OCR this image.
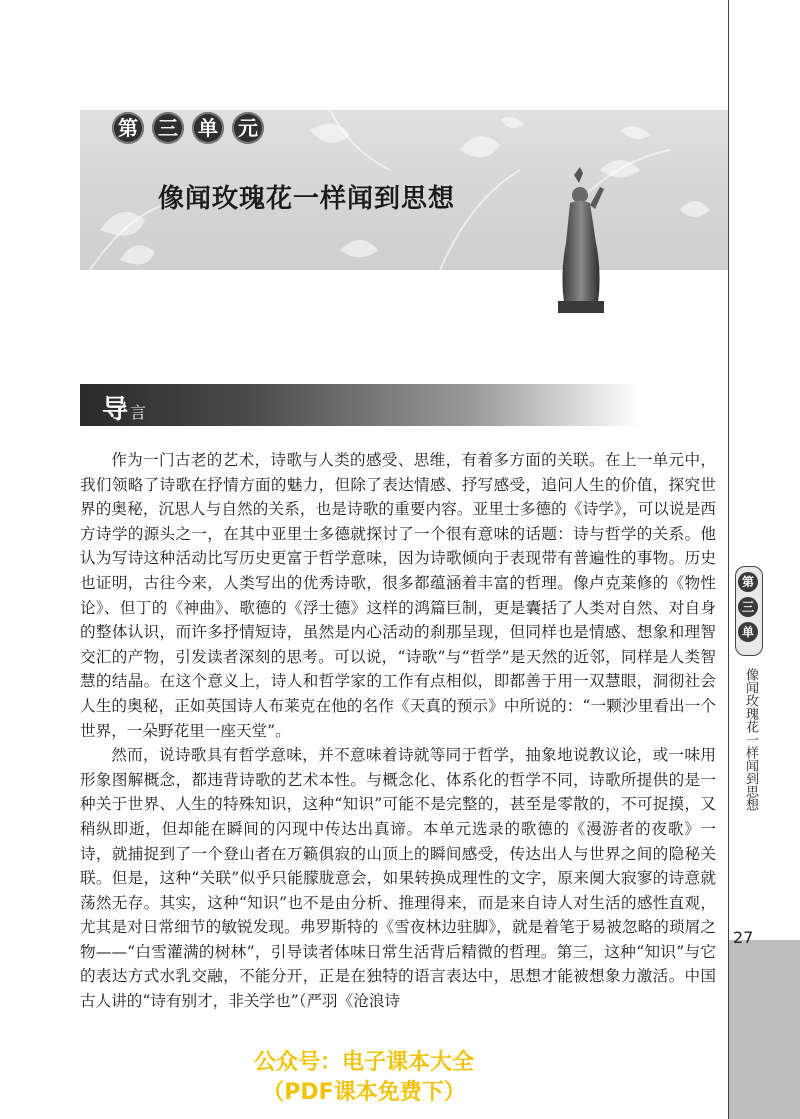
第
三
单
像闻玫瑰花一样闻到思想
27
第	三	单	元
像闻玫瑰花一样闻到思想
导言

作为一门古老的艺术，诗歌与人类的感受、思维，有着多方面的关联。在上一单元中，我们领略了诗歌在抒情方面的魅力，但除了表达情感、抒写感受，追问人生的价值，探究世界的奥秘，沉思人与自然的关系，也是诗歌的重要内容。亚里士多德的《诗学》，可以说是西方诗学的源头之一，在其中亚里士多德就探讨了一个很有意味的话题：诗与哲学的关系。他认为写诗这种活动比写历史更富于哲学意味，因为诗歌倾向于表现带有普遍性的事物。历史也证明，古往今来，人类写出的优秀诗歌，很多都蕴涵着丰富的哲理。像卢克莱修的《物性论》、但丁的《神曲》、歌德的《浮士德》这样的鸿篇巨制，更是囊括了人类对自然、对自身的整体认识，而许多抒情短诗，虽然是内心活动的刹那呈现，但同样也是情感、想象和理智交汇的产物，引发读者深刻的思考。可以说，“诗歌”与“哲学”是天然的近邻，同样是人类智慧的结晶。在这个意义上，诗人和哲学家的工作有点相似，即都善于用一双慧眼，洞彻社会人生的奥秘，正如英国诗人布莱克在他的名作《天真的预示》中所说的：“一颗沙里看出一个世界，一朵野花里一座天堂”。

然而，说诗歌具有哲学意味，并不意味着诗就等同于哲学，抽象地说教议论，或一味用形象图解概念，都违背诗歌的艺术本性。与概念化、体系化的哲学不同，诗歌所提供的是一种关于世界、人生的特殊知识，这种“知识”可能不是完整的，甚至是零散的，不可捉摸，又稍纵即逝，但却能在瞬间的闪现中传达出真谛。本单元选录的歌德的《漫游者的夜歌》一诗，就捕捉到了一个登山者在万籁俱寂的山顶上的瞬间感受，传达出人与世界之间的隐秘关联。但是，这种“关联”似乎只能朦胧意会，如果转换成理性的文字，原来阒大寂寥的诗意就荡然无存。其实，这种“知识”也不是由分析、推理得来，而是来自诗人对生活的感性直观，尤其是对日常细节的敏锐发现。弗罗斯特的《雪夜林边驻脚》，就是着笔于易被忽略的琐屑之物——“白雪灌满的树林”，引导读者体味日常生活背后精微的哲理。第三，这种“知识”与它的表达方式水乳交融，不能分开，正是在独特的语言表达中，思想才能被想象力激活。中国古人讲的“诗有别才，非关学也”（严羽《沧浪诗

公众号：电子课本大全
（PDF课本免费下）
